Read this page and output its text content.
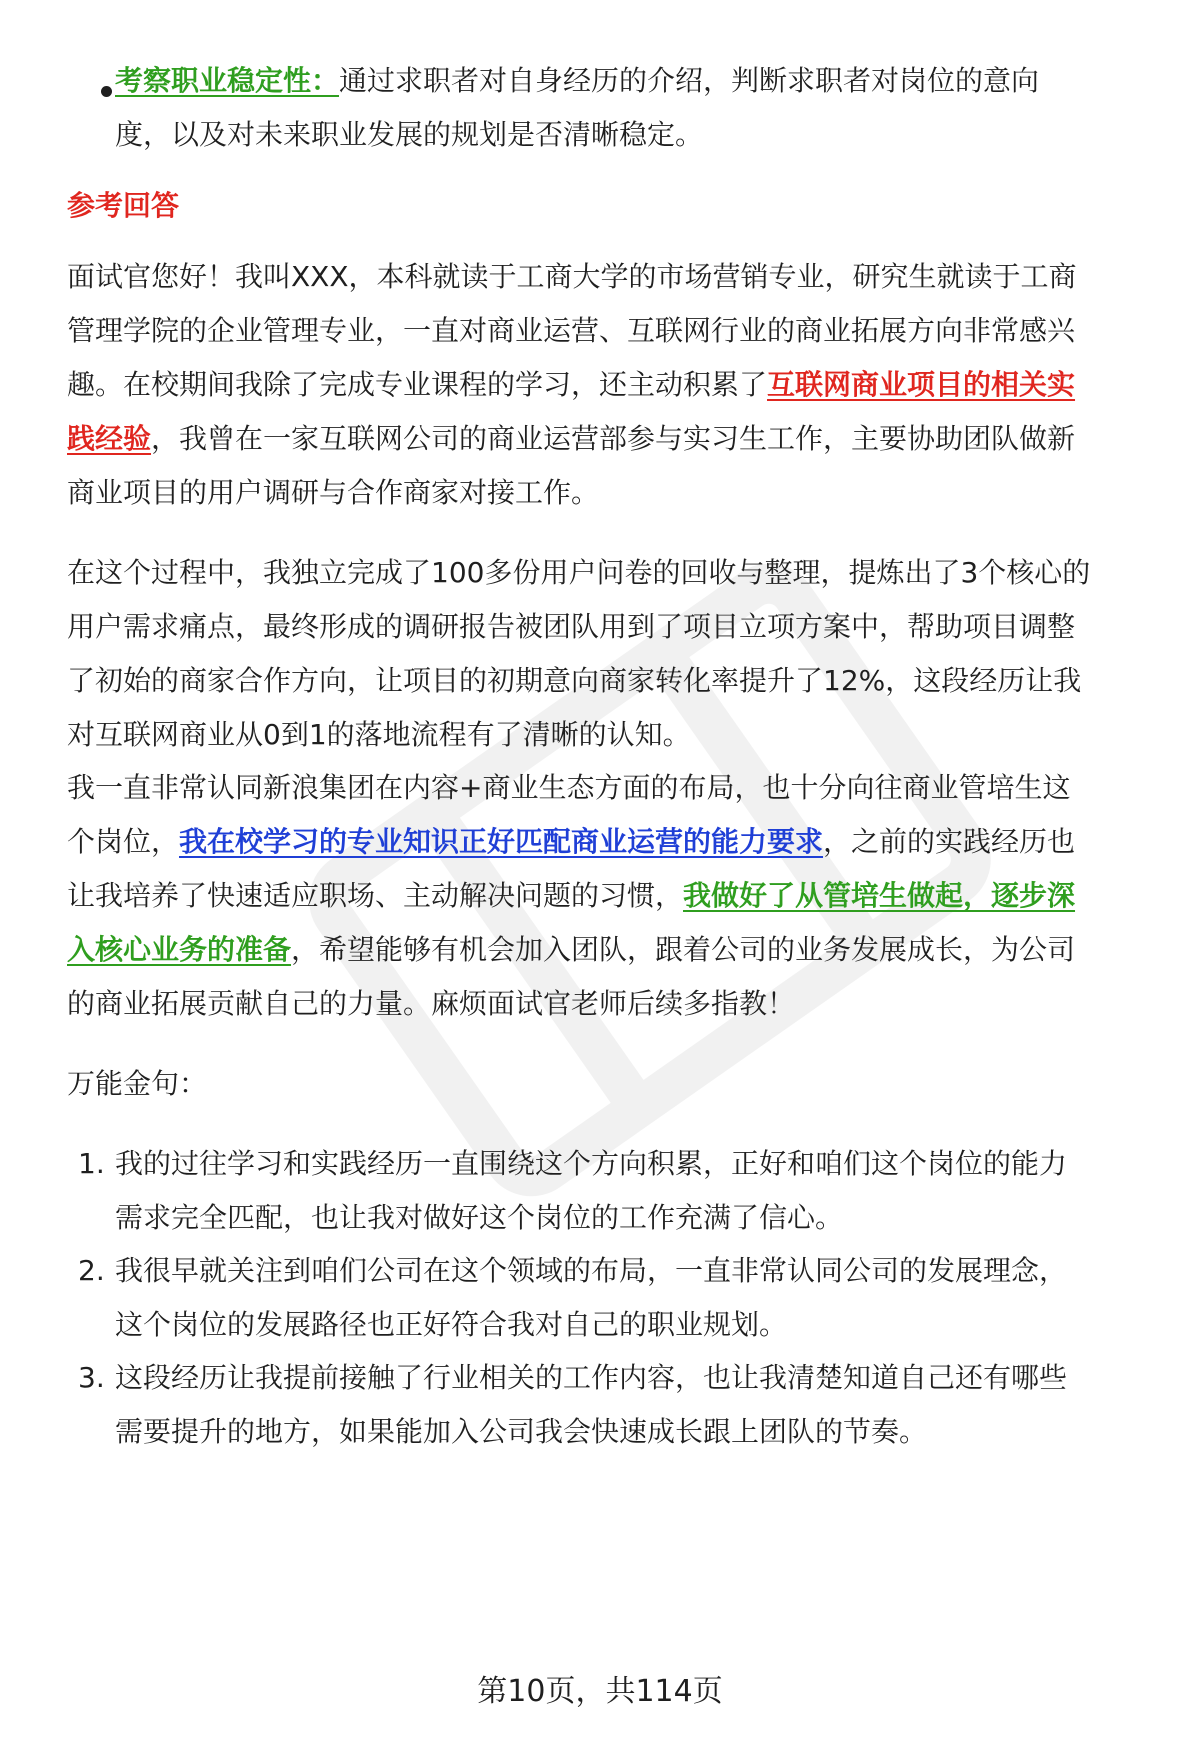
考察职业稳定性：通过求职者对自身经历的介绍，判断求职者对岗位的意向

度，以及对未来职业发展的规划是否清晰稳定。

参考回答

面试官您好！我叫XXX，本科就读于工商大学的市场营销专业，研究生就读于工商

管理学院的企业管理专业，一直对商业运营、互联网行业的商业拓展方向非常感兴

趣。在校期间我除了完成专业课程的学习，还主动积累了互联网商业项目的相关实

践经验，我曾在一家互联网公司的商业运营部参与实习生工作，主要协助团队做新

商业项目的用户调研与合作商家对接工作。

在这个过程中，我独立完成了100多份用户问卷的回收与整理，提炼出了3个核心的

用户需求痛点，最终形成的调研报告被团队用到了项目立项方案中，帮助项目调整

了初始的商家合作方向，让项目的初期意向商家转化率提升了12%，这段经历让我

对互联网商业从0到1的落地流程有了清晰的认知。

我一直非常认同新浪集团在内容+商业生态方面的布局，也十分向往商业管培生这

个岗位，我在校学习的专业知识正好匹配商业运营的能力要求，之前的实践经历也

让我培养了快速适应职场、主动解决问题的习惯，我做好了从管培生做起，逐步深

入核心业务的准备，希望能够有机会加入团队，跟着公司的业务发展成长，为公司

的商业拓展贡献自己的力量。麻烦面试官老师后续多指教！

万能金句：

1. 我的过往学习和实践经历一直围绕这个方向积累，正好和咱们这个岗位的能力

需求完全匹配，也让我对做好这个岗位的工作充满了信心。

2. 我很早就关注到咱们公司在这个领域的布局，一直非常认同公司的发展理念，

这个岗位的发展路径也正好符合我对自己的职业规划。

3. 这段经历让我提前接触了行业相关的工作内容，也让我清楚知道自己还有哪些

需要提升的地方，如果能加入公司我会快速成长跟上团队的节奏。

第10页，共114页
